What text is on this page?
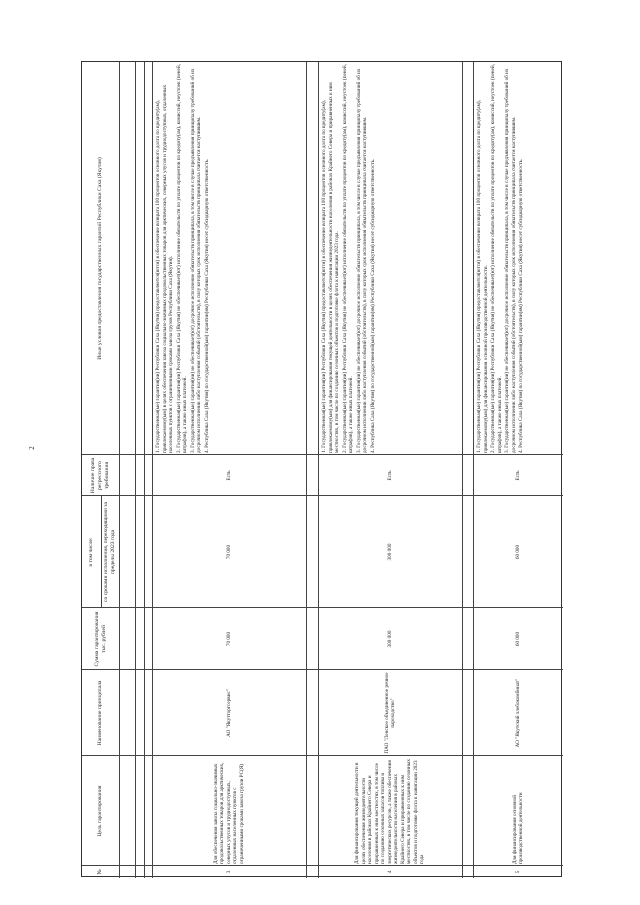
2
№
Цель гарантирования
Наименование принципала
Сумма гарантирования тыс. рублей
в том числе:	со сроками исполнения, переходящими за пределы 2023 года
Наличие права регрессного требования
Иные условия предоставления государственных гарантий Республики Саха (Якутия)
3
Для обеспечения завоза социально-значимых продовольственных товаров для арктических, северных улусов и труднодоступных, отдаленных населенных пунктов с ограниченными сроками завоза грузов РС(Я)
АО "Якутторгсервис"
70 000
70 000
Есть

1. Государственная(ые) гарантия(ии) Республики Саха (Якутия) предоставляется(ются) в обеспечение возврата 100 процентов основного долга по кредиту(ам), привлекаемому(ым) в целях обеспечения завоза социально-значимых продовольственных товаров для арктических, северных улусов и труднодоступных, отдаленных населенных пунктов с ограниченными сроками завоза грузов Республики Саха (Якутия). 2. Государственная(ые) гарантия(ии) Республики Саха (Якутия) не обеспечивает(ют) исполнение обязательств по уплате процентов по кредиту(ам), комиссий, неустоек (пеней, штрафов), а также иных платежей. 3. Государственная(ые) гарантия(ии) не обеспечивает(ют) досрочное исполнение обязательств принципала, в том числе в случае предъявления принципалу требований об их досрочном исполнении либо наступления событий (обстоятельств), в силу которых срок исполнения обязательств принципала считается наступившим. 4. Республика Саха (Якутия) по государственной(ым) гарантии(ям) Республики Саха (Якутия) несет субсидиарную ответственность.

4
Для финансирования текущей деятельности в целях обеспечения жизнедеятельности населения в районах Крайнего Севера и приравненных к ним местностях, в том числе по созданию сезонных запасов топлива и энергетических ресурсов, а также обеспечения жизнедеятельности населения в районах Крайнего Севера и приравненных к ним местностях, в том числе по созданию сезонных объектов и подготовке флота к навигации 2023 года
ПАО "Ленское объединенное речное пароходство"
300 000
300 000
Есть

1. Государственная(ые) гарантия(ии) Республики Саха (Якутия) предоставляется(ются) в обеспечение возврата 100 процентов основного долга по кредиту(ам), привлекаемому(ым) для финансирования текущей деятельности в целях обеспечения жизнедеятельности населения в районах Крайнего Севера и приравненных к ним местностях, в том числе по созданию сезонных объектов и подготовке флота к навигации 2023 года. 2. Государственная(ые) гарантия(ии) Республики Саха (Якутия) не обеспечивает(ют) исполнение обязательств по уплате процентов по кредиту(ам), комиссий, неустоек (пеней, штрафов), а также иных платежей. 3. Государственная(ые) гарантия(ии) не обеспечивает(ют) досрочное исполнение обязательств принципала, в том числе в случае предъявления принципалу требований об их досрочном исполнении либо наступления событий (обстоятельств), в силу которых срок исполнения обязательств принципала считается наступившим. 4. Республика Саха (Якутия) по государственной(ым) гарантии(ям) Республики Саха (Якутия) несет субсидиарную ответственность.

5
Для финансирования основной производственной деятельности
АО "Якутский хлебокомбинат"
60 000
60 000
Есть

1. Государственная(ые) гарантия(ии) Республики Саха (Якутия) предоставляется(ются) в обеспечение возврата 100 процентов основного долга по кредиту(ам), привлекаемому(ым) для финансирования основной производственной деятельности. 2. Государственная(ые) гарантия(ии) Республики Саха (Якутия) не обеспечивает(ют) исполнение обязательств по уплате процентов по кредиту(ам), комиссий, неустоек (пеней, штрафов), а также иных платежей. 3. Государственная(ые) гарантия(ии) не обеспечивает(ют) досрочное исполнение обязательств принципала, в том числе в случае предъявления принципалу требований об их досрочном исполнении либо наступления событий (обстоятельств), в силу которых срок исполнения обязательств принципала считается наступившим. 4. Республика Саха (Якутия) по государственной(ым) гарантии(ям) Республики Саха (Якутия) несет субсидиарную ответственность.
